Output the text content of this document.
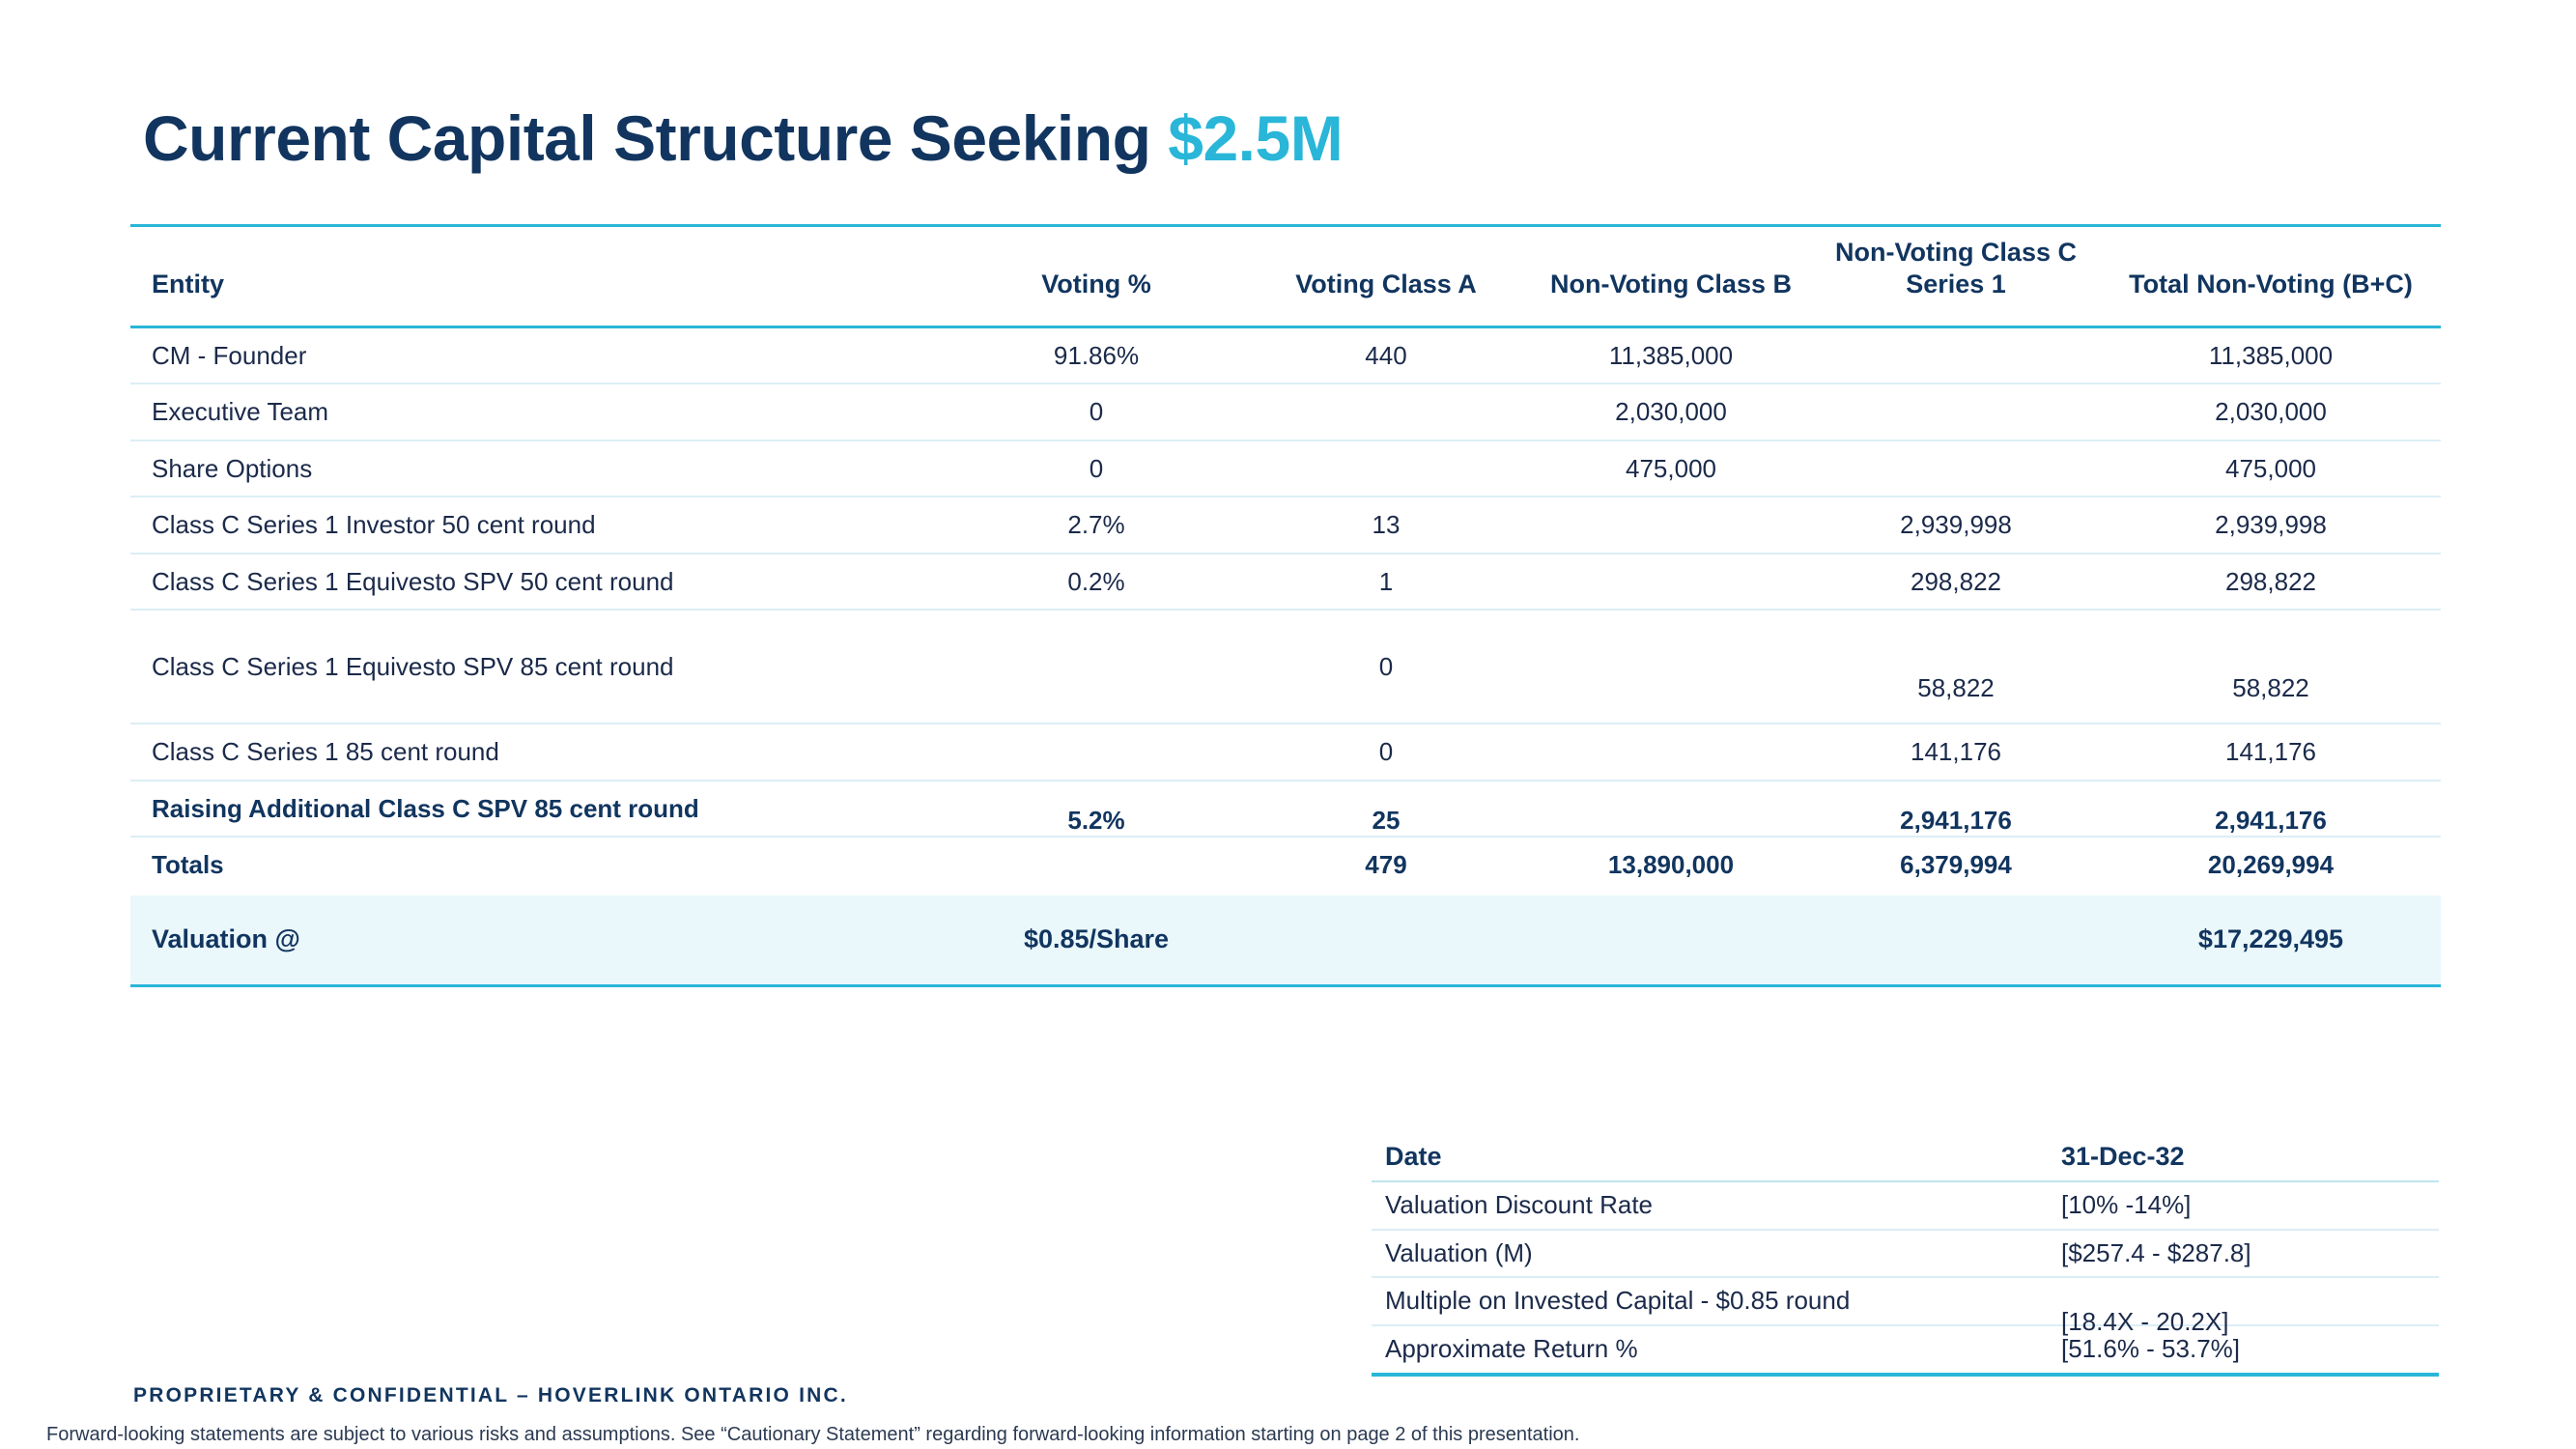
Current Capital Structure Seeking $2.5M
Entity	Voting %	Voting Class A	Non-Voting Class B	Non-Voting Class C Series 1	Total Non-Voting (B+C)
CM - Founder	91.86%	440	11,385,000		11,385,000
Executive Team	0		2,030,000		2,030,000
Share Options	0		475,000		475,000
Class C Series 1 Investor 50 cent round	2.7%	13		2,939,998	2,939,998
Class C Series 1 Equivesto SPV 50 cent round	0.2%	1		298,822	298,822
Class C Series 1 Equivesto SPV 85 cent round		0		58,822	58,822
Class C Series 1 85 cent round		0		141,176	141,176
Raising Additional Class C SPV 85 cent round	5.2%	25		2,941,176	2,941,176
Totals		479	13,890,000	6,379,994	20,269,994
Valuation @	$0.85/Share				$17,229,495
Date	31-Dec-32
Valuation Discount Rate	[10% -14%]
Valuation (M)	[$257.4 - $287.8]
Multiple on Invested Capital - $0.85 round	[18.4X - 20.2X]
Approximate Return %	[51.6% - 53.7%]
PROPRIETARY & CONFIDENTIAL – HOVERLINK ONTARIO INC.
Forward-looking statements are subject to various risks and assumptions. See “Cautionary Statement” regarding forward-looking information starting on page 2 of this presentation.
